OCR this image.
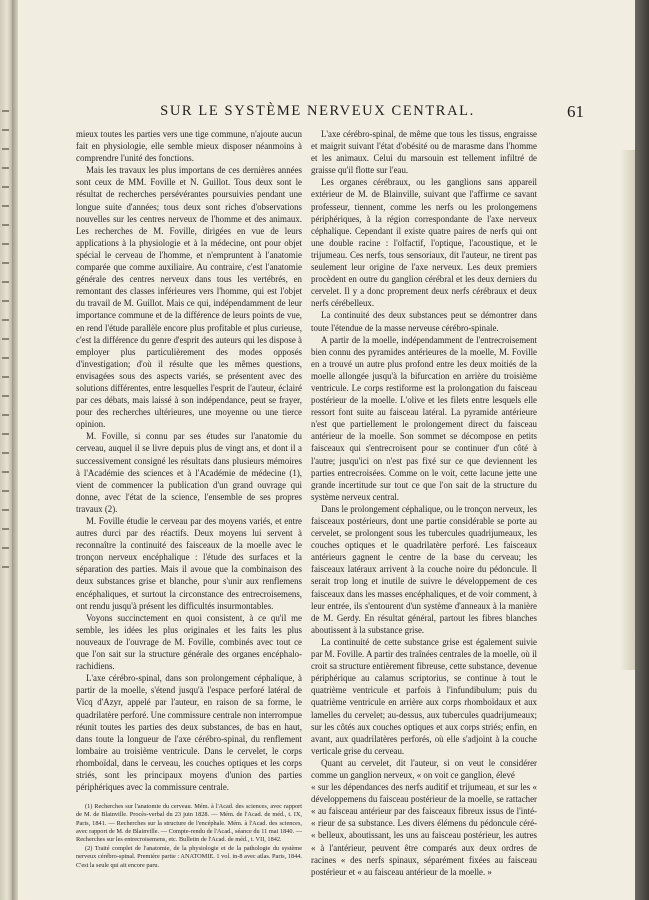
SUR LE SYSTÈME NERVEUX CENTRAL.	61

mieux toutes les parties vers une tige commune, n'ajoute aucun fait en physiologie, elle semble mieux disposer néanmoins à comprendre l'unité des fonctions.

Mais les travaux les plus importans de ces dernières années sont ceux de MM. Foville et N. Guillot. Tous deux sont le résultat de recherches persévérantes poursuivies pendant une longue suite d'années; tous deux sont riches d'observations nouvelles sur les centres nerveux de l'homme et des animaux. Les recherches de M. Foville, dirigées en vue de leurs applications à la physiologie et à la médecine, ont pour objet spécial le cerveau de l'homme, et n'empruntent à l'anatomie comparée que comme auxiliaire. Au contraire, c'est l'anatomie générale des centres nerveux dans tous les vertébrés, en remontant des classes inférieures vers l'homme, qui est l'objet du travail de M. Guillot. Mais ce qui, indépendamment de leur importance commune et de la différence de leurs points de vue, en rend l'étude parallèle encore plus profitable et plus curieuse, c'est la différence du genre d'esprit des auteurs qui les dispose à employer plus particulièrement des modes opposés d'investigation; d'où il résulte que les mêmes questions, envisagées sous des aspects variés, se présentent avec des solutions différentes, entre lesquelles l'esprit de l'auteur, éclairé par ces débats, mais laissé à son indépendance, peut se frayer, pour des recherches ultérieures, une moyenne ou une tierce opinion.

M. Foville, si connu par ses études sur l'anatomie du cerveau, auquel il se livre depuis plus de vingt ans, et dont il a successivement consigné les résultats dans plusieurs mémoires à l'Académie des sciences et à l'Académie de médecine (1), vient de commencer la publication d'un grand ouvrage qui donne, avec l'état de la science, l'ensemble de ses propres travaux (2).

M. Foville étudie le cerveau par des moyens variés, et entre autres durci par des réactifs. Deux moyens lui servent à reconnaître la continuité des faisceaux de la moelle avec le tronçon nerveux encéphalique : l'étude des surfaces et la séparation des parties. Mais il avoue que la combinaison des deux substances grise et blanche, pour s'unir aux renflemens encéphaliques, et surtout la circonstance des entrecroisemens, ont rendu jusqu'à présent les difficultés insurmontables.

Voyons succinctement en quoi consistent, à ce qu'il me semble, les idées les plus originales et les faits les plus nouveaux de l'ouvrage de M. Foville, combinés avec tout ce que l'on sait sur la structure générale des organes encéphalo-rachidiens.

L'axe cérébro-spinal, dans son prolongement céphalique, à partir de la moelle, s'étend jusqu'à l'espace perforé latéral de Vicq d'Azyr, appelé par l'auteur, en raison de sa forme, le quadrilatère perforé. Une commissure centrale non interrompue réunit toutes les parties des deux substances, de bas en haut, dans toute la longueur de l'axe cérébro-spinal, du renflement lombaire au troisième ventricule. Dans le cervelet, le corps rhomboïdal, dans le cerveau, les couches optiques et les corps striés, sont les principaux moyens d'union des parties périphériques avec la commissure centrale.

(1) Recherches sur l'anatomie du cerveau. Mém. à l'Acad. des sciences, avec rapport de M. de Blainville. Procès-verbal du 23 juin 1828. — Mém. de l'Acad. de méd., t. IX, Paris, 1841. — Recherches sur la structure de l'encéphale. Mém. à l'Acad. des sciences, avec rapport de M. de Blainville. — Compte-rendu de l'Acad., séance du 11 mai 1840. — Recherches sur les entrecroisemens, etc. Bulletin de l'Acad. de méd., t. VII, 1842.

(2) Traité complet de l'anatomie, de la physiologie et de la pathologie du système nerveux cérébro-spinal. Première partie : ANATOMIE. 1 vol. in-8 avec atlas. Paris, 1844. C'est la seule qui ait encore paru.

L'axe cérébro-spinal, de même que tous les tissus, engraisse et maigrit suivant l'état d'obésité ou de marasme dans l'homme et les animaux. Celui du marsouin est tellement infiltré de graisse qu'il flotte sur l'eau.

Les organes cérébraux, ou les ganglions sans appareil extérieur de M. de Blainville, suivant que l'affirme ce savant professeur, tiennent, comme les nerfs ou les prolongemens périphériques, à la région correspondante de l'axe nerveux céphalique. Cependant il existe quatre paires de nerfs qui ont une double racine : l'olfactif, l'optique, l'acoustique, et le trijumeau. Ces nerfs, tous sensoriaux, dit l'auteur, ne tirent pas seulement leur origine de l'axe nerveux. Les deux premiers procèdent en outre du ganglion cérébral et les deux derniers du cervelet. Il y a donc proprement deux nerfs cérébraux et deux nerfs cérébelleux.

La continuité des deux substances peut se démontrer dans toute l'étendue de la masse nerveuse cérébro-spinale.

A partir de la moelle, indépendamment de l'entrecroisement bien connu des pyramides antérieures de la moelle, M. Foville en a trouvé un autre plus profond entre les deux moitiés de la moelle allongée jusqu'à la bifurcation en arrière du troisième ventricule. Le corps restiforme est la prolongation du faisceau postérieur de la moelle. L'olive et les filets entre lesquels elle ressort font suite au faisceau latéral. La pyramide antérieure n'est que partiellement le prolongement direct du faisceau antérieur de la moelle. Son sommet se décompose en petits faisceaux qui s'entrecroisent pour se continuer d'un côté à l'autre; jusqu'ici on n'est pas fixé sur ce que deviennent les parties entrecroisées. Comme on le voit, cette lacune jette une grande incertitude sur tout ce que l'on sait de la structure du système nerveux central.

Dans le prolongement céphalique, ou le tronçon nerveux, les faisceaux postérieurs, dont une partie considérable se porte au cervelet, se prolongent sous les tubercules quadrijumeaux, les couches optiques et le quadrilatère perforé. Les faisceaux antérieurs gagnent le centre de la base du cerveau; les faisceaux latéraux arrivent à la couche noire du pédoncule. Il serait trop long et inutile de suivre le développement de ces faisceaux dans les masses encéphaliques, et de voir comment, à leur entrée, ils s'entourent d'un système d'anneaux à la manière de M. Gerdy. En résultat général, partout les fibres blanches aboutissent à la substance grise.

La continuité de cette substance grise est également suivie par M. Foville. A partir des traînées centrales de la moelle, où il croit sa structure entièrement fibreuse, cette substance, devenue périphérique au calamus scriptorius, se continue à tout le quatrième ventricule et parfois à l'infundibulum; puis du quatrième ventricule en arrière aux corps rhomboïdaux et aux lamelles du cervelet; au-dessus, aux tubercules quadrijumeaux; sur les côtés aux couches optiques et aux corps striés; enfin, en avant, aux quadrilatères perforés, où elle s'adjoint à la couche verticale grise du cerveau.

Quant au cervelet, dit l'auteur, si on veut le considérer comme un ganglion nerveux, « on voit ce ganglion, élevé

« sur les dépendances des nerfs auditif et trijumeau, et sur les « développemens du faisceau postérieur de la moelle, se rattacher « au faisceau antérieur par des faisceaux fibreux issus de l'inté- « rieur de sa substance. Les divers élémens du pédoncule céré- « belleux, aboutissant, les uns au faisceau postérieur, les autres « à l'antérieur, peuvent être comparés aux deux ordres de racines « des nerfs spinaux, séparément fixées au faisceau postérieur et « au faisceau antérieur de la moelle. »
